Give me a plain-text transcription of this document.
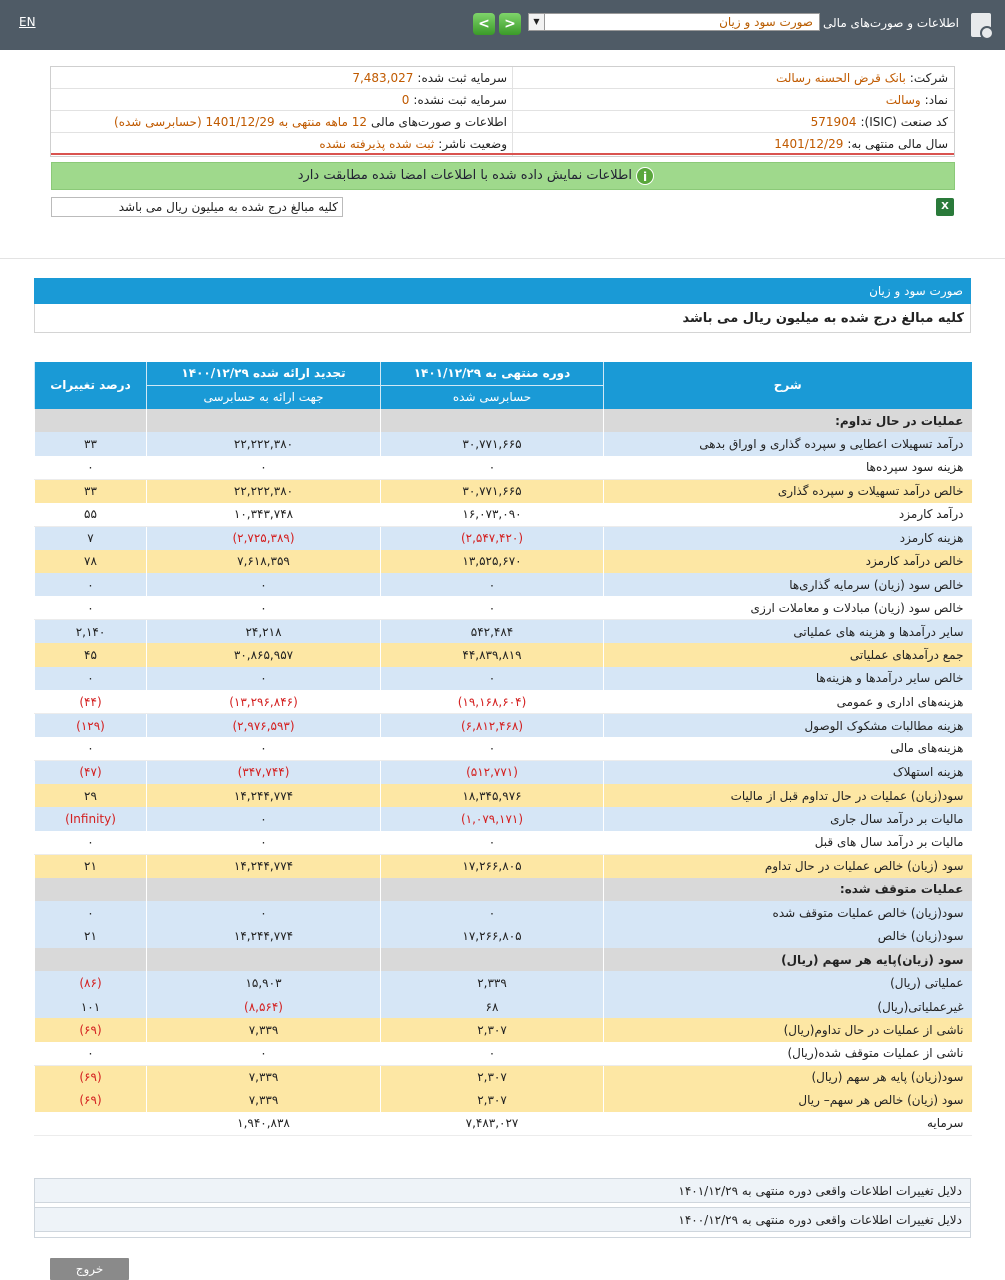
EN	اطلاعات و صورت‌های مالی
صورت سود و زیان
▼
>
<
شرکت:بانک قرض الحسنه رسالت
سرمایه ثبت شده:7,483,027
نماد:وسالت
سرمایه ثبت نشده:0
کد صنعت (ISIC):571904
اطلاعات و صورت‌های مالی12 ماهه منتهی به 1401/12/29 (حسابرسی شده)
سال مالی منتهی به:1401/12/29
وضعیت ناشر:ثبت شده پذیرفته نشده
iاطلاعات نمایش داده شده با اطلاعات امضا شده مطابقت دارد
کلیه مبالغ درج شده به میلیون ریال می باشد	X
صورت سود و زیان
کلیه مبالغ درج شده به میلیون ریال می باشد
شرح	دوره منتهی به ۱۴۰۱/۱۲/۲۹	تجدید ارائه شده ۱۴۰۰/۱۲/۲۹	درصد تغییرات
	حسابرسی شده	جهت ارائه به حسابرسی	
عملیات در حال تداوم:			
درآمد تسهیلات اعطایی و سپرده گذاری و اوراق بدهی	۳۰,۷۷۱,۶۶۵	۲۲,۲۲۲,۳۸۰	۳۳
هزینه سود سپرده‌ها	۰	۰	۰
خالص درآمد تسهیلات و سپرده گذاری	۳۰,۷۷۱,۶۶۵	۲۲,۲۲۲,۳۸۰	۳۳
درآمد کارمزد	۱۶,۰۷۳,۰۹۰	۱۰,۳۴۳,۷۴۸	۵۵
هزینه کارمزد	(۲,۵۴۷,۴۲۰)	(۲,۷۲۵,۳۸۹)	۷
خالص درآمد کارمزد	۱۳,۵۲۵,۶۷۰	۷,۶۱۸,۳۵۹	۷۸
خالص سود (زیان) سرمایه گذاری‌ها	۰	۰	۰
خالص سود (زیان) مبادلات و معاملات ارزی	۰	۰	۰
سایر درآمدها و هزینه های عملیاتی	۵۴۲,۴۸۴	۲۴,۲۱۸	۲,۱۴۰
جمع درآمدهای عملیاتی	۴۴,۸۳۹,۸۱۹	۳۰,۸۶۵,۹۵۷	۴۵
خالص سایر درآمدها و هزینه‌ها	۰	۰	۰
هزینه‌های اداری و عمومی	(۱۹,۱۶۸,۶۰۴)	(۱۳,۲۹۶,۸۴۶)	(۴۴)
هزینه مطالبات مشکوک الوصول	(۶,۸۱۲,۴۶۸)	(۲,۹۷۶,۵۹۳)	(۱۲۹)
هزینه‌های مالی	۰	۰	۰
هزینه استهلاک	(۵۱۲,۷۷۱)	(۳۴۷,۷۴۴)	(۴۷)
سود(زیان) عملیات در حال تداوم قبل از مالیات	۱۸,۳۴۵,۹۷۶	۱۴,۲۴۴,۷۷۴	۲۹
مالیات بر درآمد سال جاری	(۱,۰۷۹,۱۷۱)	۰	(Infinity)
مالیات بر درآمد سال های قبل	۰	۰	۰
سود (زیان) خالص عملیات در حال تداوم	۱۷,۲۶۶,۸۰۵	۱۴,۲۴۴,۷۷۴	۲۱
عملیات متوقف شده:			
سود(زیان) خالص عملیات متوقف شده	۰	۰	۰
سود(زیان) خالص	۱۷,۲۶۶,۸۰۵	۱۴,۲۴۴,۷۷۴	۲۱
سود (زیان)پایه هر سهم (ریال)			
عملیاتی (ریال)	۲,۳۳۹	۱۵,۹۰۳	(۸۶)
غیرعملیاتی(ریال)	۶۸	(۸,۵۶۴)	۱۰۱
ناشی از عملیات در حال تداوم(ریال)	۲,۳۰۷	۷,۳۳۹	(۶۹)
ناشی از عملیات متوقف شده(ریال)	۰	۰	۰
سود(زیان) پایه هر سهم (ریال)	۲,۳۰۷	۷,۳۳۹	(۶۹)
سود (زیان) خالص هر سهم– ریال	۲,۳۰۷	۷,۳۳۹	(۶۹)
سرمایه	۷,۴۸۳,۰۲۷	۱,۹۴۰,۸۳۸	
دلایل تغییرات اطلاعات واقعی دوره منتهی به ۱۴۰۱/۱۲/۲۹
دلایل تغییرات اطلاعات واقعی دوره منتهی به ۱۴۰۰/۱۲/۲۹
خروج
